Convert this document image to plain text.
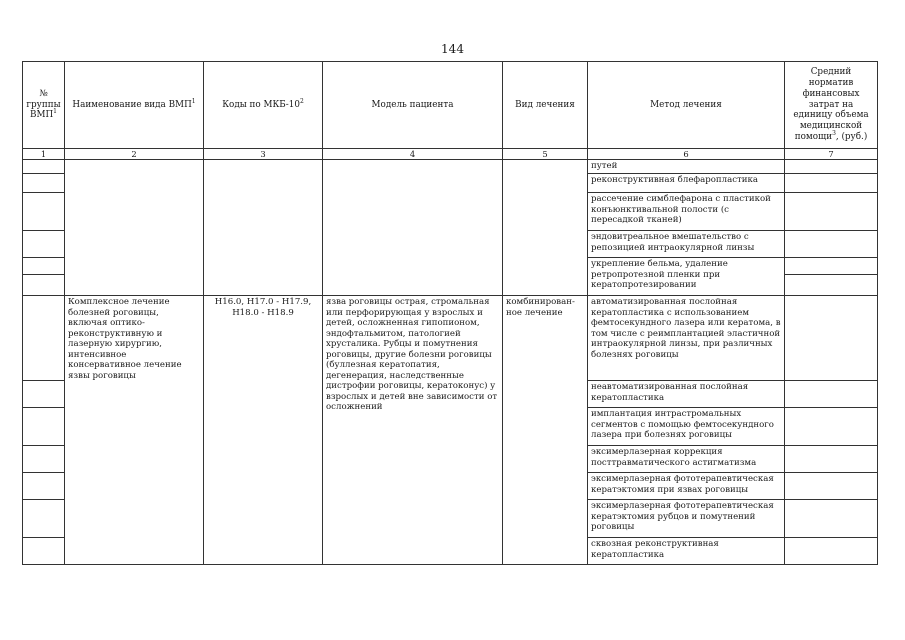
144
№ группы ВМП$^1$	Наименование вида ВМП$^1$	Коды по МКБ-$10^2$	Модель пациента	Вид лечения	Метод лечения	Средний норматив финансовых затрат на единицу объема медицинской помощи$^3$, (руб.)
1	2	3	4	5	6	7
					путей	
					реконструктивная блефаропластика	
					рассечение симблефарона с пластикой конъюнктивальной полости (с пересадкой тканей)	
					эндовитреальное вмешательство с репозицией интраокулярной линзы	
					укрепление бельма, удаление ретропротезной пленки при кератопротезировании	

	Комплексное лечение болезней роговицы, включая оптико-реконструктивную и лазерную хирургию, интенсивное консервативное лечение язвы роговицы	H16.0, H17.0 - H17.9, H18.0 - H18.9	язва роговицы острая, стромальная или перфорирующая у взрослых и детей, осложненная гипопионом, эндофтальмитом, патологией хрусталика. Рубцы и помутнения роговицы, другие болезни роговицы (буллезная кератопатия, дегенерация, наследственные дистрофии роговицы, кератоконус) у взрослых и детей вне зависимости от осложнений	комбинирован-ное лечение	автоматизированная послойная кератопластика с использованием фемтосекундного лазера или кератома, в том числе с реимплантацией эластичной интраокулярной линзы, при различных болезнях роговицы	
					неавтоматизированная послойная кератопластика	
					имплантация интрастромальных сегментов с помощью фемтосекундного лазера при болезнях роговицы	
					эксимерлазерная коррекция посттравматического астигматизма	
					эксимерлазерная фототерапевтическая кератэктомия при язвах роговицы	
					эксимерлазерная фототерапевтическая кератэктомия рубцов и помутнений роговицы	
					сквозная реконструктивная кератопластика	
